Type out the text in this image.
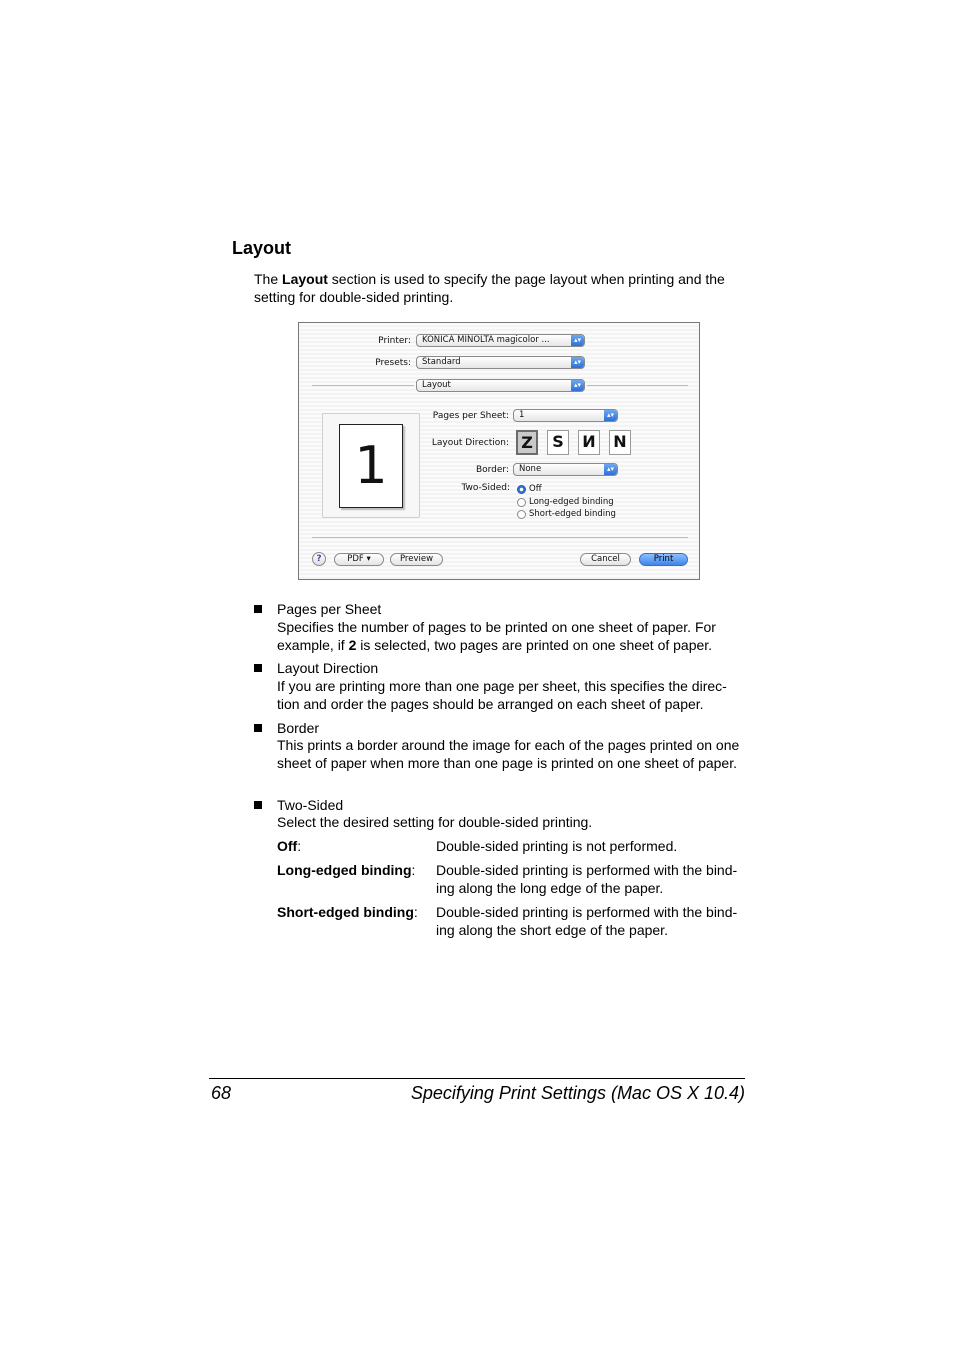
Layout

The Layout section is used to specify the page layout when printing and the setting for double-sided printing.

Printer:	KONICA MINOLTA magicolor ...	▴▾
Presets:	Standard	▴▾
Layout	▴▾
1
Pages per Sheet:	1	▴▾
Layout Direction: Z	S	И N
Border:	None	▴▾
Two-Sided: Off
Long-edged binding
Short-edged binding
?	PDF ▾	Preview	Cancel	Print
Pages per Sheet
Specifies the number of pages to be printed on one sheet of paper. For example, if 2 is selected, two pages are printed on one sheet of paper.
Layout Direction
If you are printing more than one page per sheet, this specifies the direc-tion and order the pages should be arranged on each sheet of paper.
Border
This prints a border around the image for each of the pages printed on one sheet of paper when more than one page is printed on one sheet of paper.
Two-Sided
Select the desired setting for double-sided printing.
Off:	Double-sided printing is not performed.
Long-edged binding: Double-sided printing is performed with the bind-ing along the long edge of the paper.
Short-edged binding: Double-sided printing is performed with the bind-ing along the short edge of the paper.
68	Specifying Print Settings (Mac OS X 10.4)
